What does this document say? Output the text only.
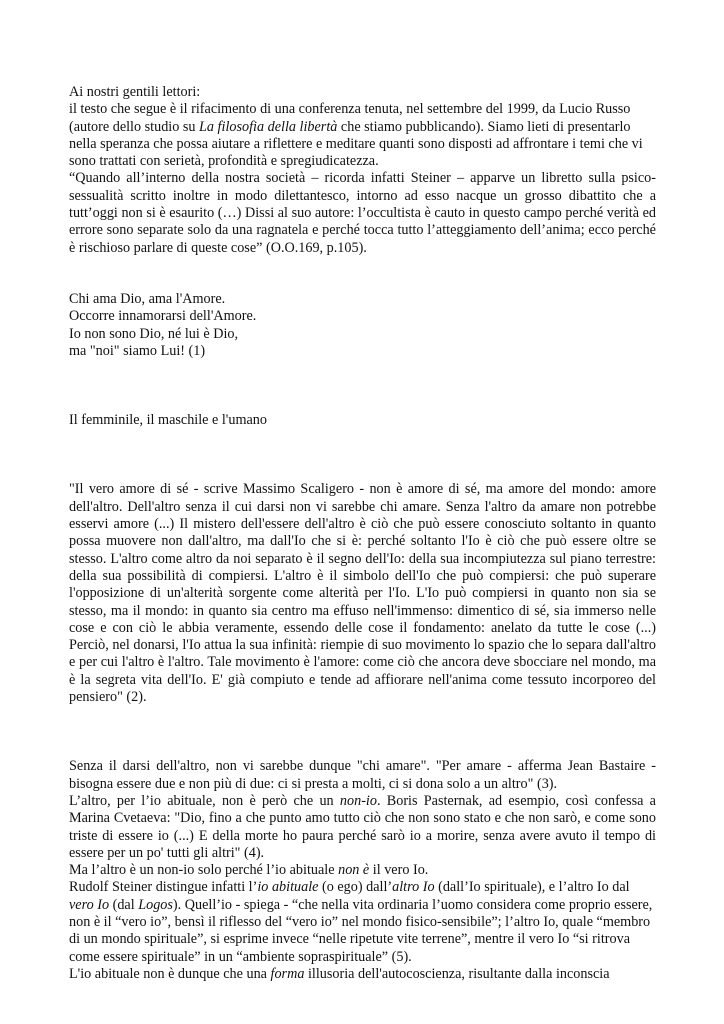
Ai nostri gentili lettori:

il testo che segue è il rifacimento di una conferenza tenuta, nel settembre del 1999, da Lucio Russo (autore dello studio su La filosofia della libertà che stiamo pubblicando). Siamo lieti di presentarlo nella speranza che possa aiutare a riflettere e meditare quanti sono disposti ad affrontare i temi che vi sono trattati con serietà, profondità e spregiudicatezza.

“Quando all’interno della nostra società – ricorda infatti Steiner – apparve un libretto sulla psico-sessualità scritto inoltre in modo dilettantesco, intorno ad esso nacque un grosso dibattito che a tutt’oggi non si è esaurito (…) Dissi al suo autore: l’occultista è cauto in questo campo perché verità ed errore sono separate solo da una ragnatela e perché tocca tutto l’atteggiamento dell’anima; ecco perché è rischioso parlare di queste cose” (O.O.169, p.105).

Chi ama Dio, ama l'Amore.

Occorre innamorarsi dell'Amore.

Io non sono Dio, né lui è Dio,

ma "noi" siamo Lui! (1)

Il femminile, il maschile e l'umano

"Il vero amore di sé - scrive Massimo Scaligero - non è amore di sé, ma amore del mondo: amore dell'altro. Dell'altro senza il cui darsi non vi sarebbe chi amare. Senza l'altro da amare non potrebbe esservi amore (...) Il mistero dell'essere dell'altro è ciò che può essere conosciuto soltanto in quanto possa muovere non dall'altro, ma dall'Io che si è: perché soltanto l'Io è ciò che può essere oltre se stesso. L'altro come altro da noi separato è il segno dell'Io: della sua incompiutezza sul piano terrestre: della sua possibilità di compiersi. L'altro è il simbolo dell'Io che può compiersi: che può superare l'opposizione di un'alterità sorgente come alterità per l'Io. L'Io può compiersi in quanto non sia se stesso, ma il mondo: in quanto sia centro ma effuso nell'immenso: dimentico di sé, sia immerso nelle cose e con ciò le abbia veramente, essendo delle cose il fondamento: anelato da tutte le cose (...) Perciò, nel donarsi, l'Io attua la sua infinità: riempie di suo movimento lo spazio che lo separa dall'altro e per cui l'altro è l'altro. Tale movimento è l'amore: come ciò che ancora deve sbocciare nel mondo, ma è la segreta vita dell'Io. E' già compiuto e tende ad affiorare nell'anima come tessuto incorporeo del pensiero" (2).

Senza il darsi dell'altro, non vi sarebbe dunque "chi amare". "Per amare - afferma Jean Bastaire - bisogna essere due e non più di due: ci si presta a molti, ci si dona solo a un altro" (3).

L’altro, per l’io abituale, non è però che un non-io. Boris Pasternak, ad esempio, così confessa a Marina Cvetaeva: "Dio, fino a che punto amo tutto ciò che non sono stato e che non sarò, e come sono triste di essere io (...) E della morte ho paura perché sarò io a morire, senza avere avuto il tempo di essere per un po' tutti gli altri" (4).

Ma l’altro è un non-io solo perché l’io abituale non è il vero Io.

Rudolf Steiner distingue infatti l’io abituale (o ego) dall’altro Io (dall’Io spirituale), e l’altro Io dal vero Io (dal Logos). Quell’io - spiega - “che nella vita ordinaria l’uomo considera come proprio essere, non è il “vero io”, bensì il riflesso del “vero io” nel mondo fisico-sensibile”; l’altro Io, quale “membro di un mondo spirituale”, si esprime invece “nelle ripetute vite terrene”, mentre il vero Io “si ritrova come essere spirituale” in un “ambiente sopraspirituale” (5).

L'io abituale non è dunque che una forma illusoria dell'autocoscienza, risultante dalla inconscia
